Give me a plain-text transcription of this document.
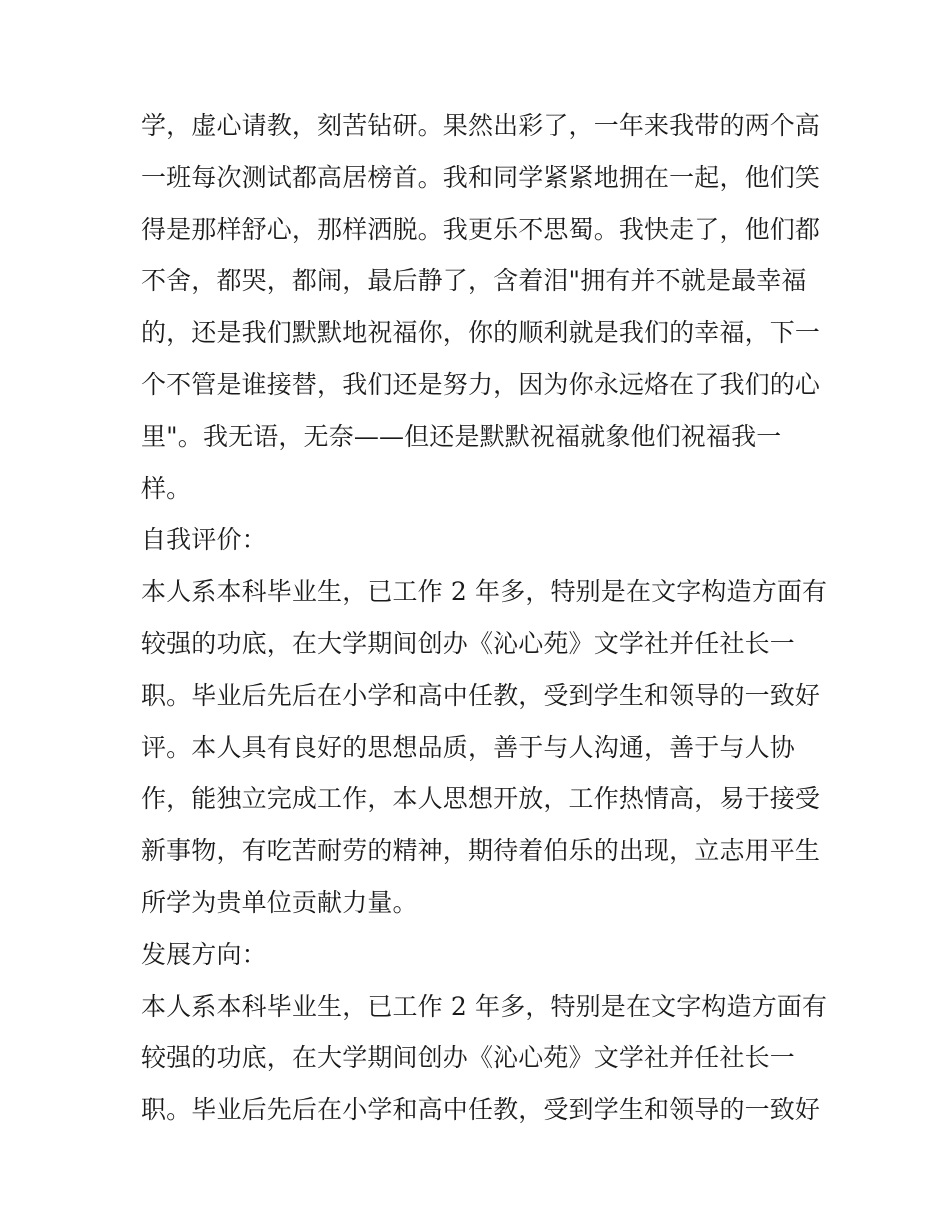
学，虚心请教，刻苦钻研。果然出彩了，一年来我带的两个高
一班每次测试都高居榜首。我和同学紧紧地拥在一起，他们笑
得是那样舒心，那样洒脱。我更乐不思蜀。我快走了，他们都
不舍，都哭，都闹，最后静了，含着泪"拥有并不就是最幸福
的，还是我们默默地祝福你，你的顺利就是我们的幸福，下一
个不管是谁接替，我们还是努力，因为你永远烙在了我们的心
里"。我无语，无奈——但还是默默祝福就象他们祝福我一
样。
自我评价：
本人系本科毕业生，已工作 2 年多，特别是在文字构造方面有
较强的功底，在大学期间创办《沁心苑》文学社并任社长一
职。毕业后先后在小学和高中任教，受到学生和领导的一致好
评。本人具有良好的思想品质，善于与人沟通，善于与人协
作，能独立完成工作，本人思想开放，工作热情高，易于接受
新事物，有吃苦耐劳的精神，期待着伯乐的出现，立志用平生
所学为贵单位贡献力量。
发展方向：
本人系本科毕业生，已工作 2 年多，特别是在文字构造方面有
较强的功底，在大学期间创办《沁心苑》文学社并任社长一
职。毕业后先后在小学和高中任教，受到学生和领导的一致好
